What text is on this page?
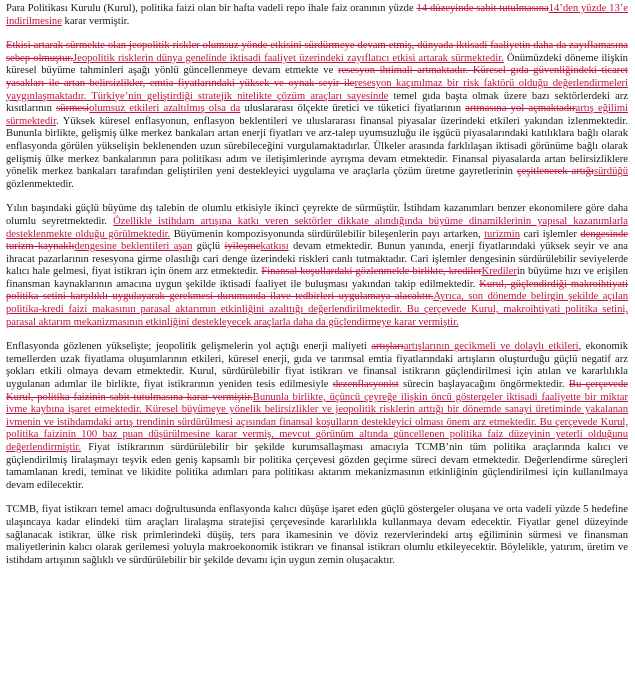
Para Politikası Kurulu (Kurul), politika faizi olan bir hafta vadeli repo ihale faiz oranının yüzde 14 düzeyinde sabit tutulmasına14’den yüzde 13’e indirilmesine karar vermiştir.

Etkisi artarak sürmekte olan jeopolitik riskler olumsuz yönde etkisini sürdürmeye devam etmiş, dünyada iktisadi faaliyetin daha da zayıflamasına sebep olmuştur.Jeopolitik risklerin dünya genelinde iktisadi faaliyet üzerindeki zayıflatıcı etkisi artarak sürmektedir. Önümüzdeki döneme ilişkin küresel büyüme tahminleri aşağı yönlü güncellenmeye devam etmekte ve resesyon ihtimali artmaktadır. Küresel gıda güvenliğindeki ticaret yasakları ile artan belirsizlikler, emtia fiyatlarındaki yüksek ve oynak seyir ileresesyon kaçınılmaz bir risk faktörü olduğu değerlendirmeleri yaygınlaşmaktadır. Türkiye’nin geliştirdiği stratejik nitelikte çözüm araçları sayesinde temel gıda başta olmak üzere bazı sektörlerdeki arz kısıtlarının sürmesiolumsuz etkileri azaltılmış olsa da uluslararası ölçekte üretici ve tüketici fiyatlarının artmasına yol açmaktadırartış eğilimi sürmektedir. Yüksek küresel enflasyonun, enflasyon beklentileri ve uluslararası finansal piyasalar üzerindeki etkileri yakından izlenmektedir. Bununla birlikte, gelişmiş ülke merkez bankaları artan enerji fiyatları ve arz-talep uyumsuzluğu ile işgücü piyasalarındaki katılıklara bağlı olarak enflasyonda görülen yükselişin beklenenden uzun sürebileceğini vurgulamaktadırlar. Ülkeler arasında farklılaşan iktisadi görünüme bağlı olarak gelişmiş ülke merkez bankalarının para politikası adım ve iletişimlerinde ayrışma devam etmektedir. Finansal piyasalarda artan belirsizliklere yönelik merkez bankaları tarafından geliştirilen yeni destekleyici uygulama ve araçlarla çözüm üretme gayretlerinin çeşitlenerek artığısürdüğü gözlenmektedir.

Yılın başındaki güçlü büyüme dış talebin de olumlu etkisiyle ikinci çeyrekte de sürmüştür. İstihdam kazanımları benzer ekonomilere göre daha olumlu seyretmektedir. Özellikle istihdam artışına katkı veren sektörler dikkate alındığında büyüme dinamiklerinin yapısal kazanımlarla desteklenmekte olduğu görülmektedir. Büyümenin kompozisyonunda sürdürülebilir bileşenlerin payı artarken, turizmin cari işlemler dengesinde turizm kaynaklıdengesine beklentileri aşan güçlü iyileşmekatkısı devam etmektedir. Bunun yanında, enerji fiyatlarındaki yüksek seyir ve ana ihracat pazarlarının resesyona girme olasılığı cari denge üzerindeki riskleri canlı tutmaktadır. Cari işlemler dengesinin sürdürülebilir seviyelerde kalıcı hale gelmesi, fiyat istikrarı için önem arz etmektedir. Finansal koşullardaki gözlenmekle birlikte, kredilerKredilerin büyüme hızı ve erişilen finansman kaynaklarının amacına uygun şekilde iktisadi faaliyet ile buluşması yakından takip edilmektedir. Kurul, güçlendirdiği makroihtiyati politika setini karşılıklı uygulayarak gerekmesi durumunda ilave tedbirleri uygulamaya alacaktır.Ayrıca, son dönemde belirgin şekilde açılan politika-kredi faizi makasının parasal aktarımın etkinliğini azalttığı değerlendirilmektedir. Bu çerçevede Kurul, makroihtiyati politika setini, parasal aktarım mekanizmasının etkinliğini destekleyecek araçlarla daha da güçlendirmeye karar vermiştir.

Enflasyonda gözlenen yükselişte; jeopolitik gelişmelerin yol açtığı enerji maliyeti artışlarıartışlarının gecikmeli ve dolaylı etkileri, ekonomik temellerden uzak fiyatlama oluşumlarının etkileri, küresel enerji, gıda ve tarımsal emtia fiyatlarındaki artışların oluşturduğu güçlü negatif arz şokları etkili olmaya devam etmektedir. Kurul, sürdürülebilir fiyat istikrarı ve finansal istikrarın güçlendirilmesi için atılan ve kararlılıkla uygulanan adımlar ile birlikte, fiyat istikrarının yeniden tesis edilmesiyle dezenflasyonist sürecin başlayacağını öngörmektedir. Bu çerçevede Kurul, politika faizinin sabit tutulmasına karar vermiştir.Bununla birlikte, üçüncü çeyreğe ilişkin öncü göstergeler iktisadi faaliyette bir miktar ivme kaybına işaret etmektedir. Küresel büyümeye yönelik belirsizlikler ve jeopolitik risklerin arttığı bir dönemde sanayi üretiminde yakalanan ivmenin ve istihdamdaki artış trendinin sürdürülmesi açısından finansal koşulların destekleyici olması önem arz etmektedir. Bu çerçevede Kurul, politika faizinin 100 baz puan düşürülmesine karar vermiş, mevcut görünüm altında güncellenen politika faiz düzeyinin yeterli olduğunu değerlendirmiştir. Fiyat istikrarının sürdürülebilir bir şekilde kurumsallaşması amacıyla TCMB’nin tüm politika araçlarında kalıcı ve güçlendirilmiş liralaşmayı teşvik eden geniş kapsamlı bir politika çerçevesi gözden geçirme süreci devam etmektedir. Değerlendirme süreçleri tamamlanan kredi, teminat ve likidite politika adımları para politikası aktarım mekanizmasının etkinliğinin güçlendirilmesi için kullanılmaya devam edilecektir.

TCMB, fiyat istikrarı temel amacı doğrultusunda enflasyonda kalıcı düşüşe işaret eden güçlü göstergeler oluşana ve orta vadeli yüzde 5 hedefine ulaşıncaya kadar elindeki tüm araçları liralaşma stratejisi çerçevesinde kararlılıkla kullanmaya devam edecektir. Fiyatlar genel düzeyinde sağlanacak istikrar, ülke risk primlerindeki düşüş, ters para ikamesinin ve döviz rezervlerindeki artış eğiliminin sürmesi ve finansman maliyetlerinin kalıcı olarak gerilemesi yoluyla makroekonomik istikrarı ve finansal istikrarı olumlu etkileyecektir. Böylelikle, yatırım, üretim ve istihdam artışının sağlıklı ve sürdürülebilir bir şekilde devamı için uygun zemin oluşacaktır.
